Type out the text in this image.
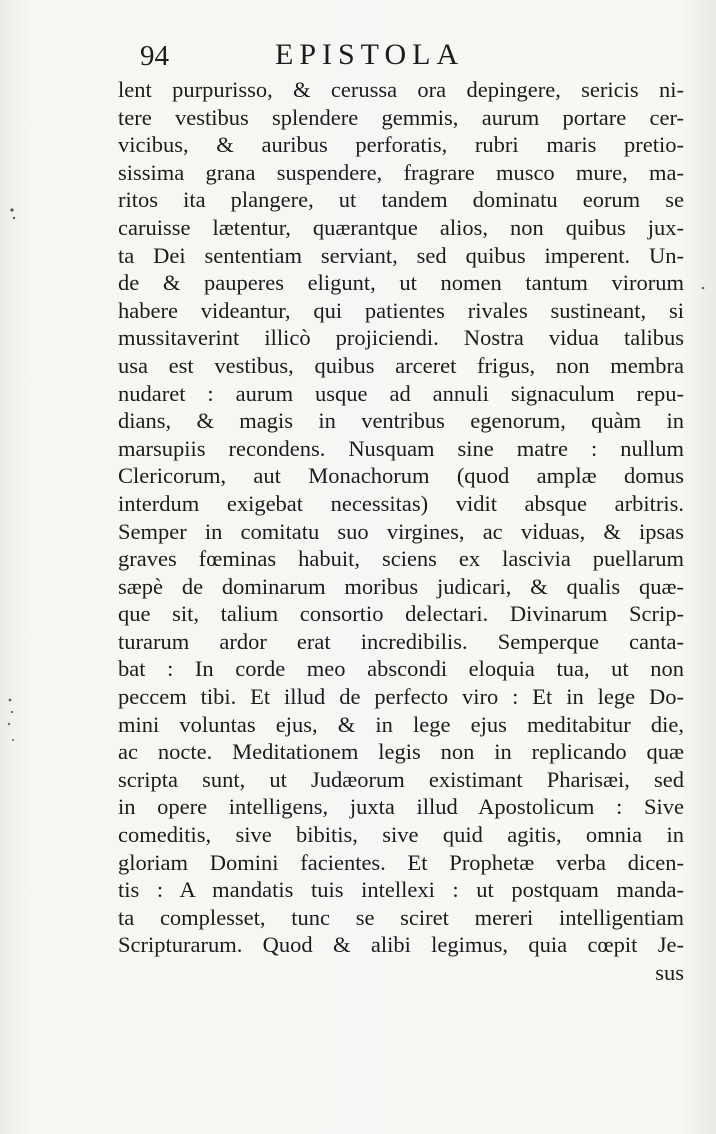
94	EPISTOLA
lent purpurisso, & cerussa ora depingere, sericis ni-
tere vestibus splendere gemmis, aurum portare cer-
vicibus, & auribus perforatis, rubri maris pretio-
sissima grana suspendere, fragrare musco mure, ma-
ritos ita plangere, ut tandem dominatu eorum se
caruisse lætentur, quærantque alios, non quibus jux-
ta Dei sententiam serviant, sed quibus imperent. Un-
de & pauperes eligunt, ut nomen tantum virorum
habere videantur, qui patientes rivales sustineant, si
mussitaverint illicò projiciendi. Nostra vidua talibus
usa est vestibus, quibus arceret frigus, non membra
nudaret : aurum usque ad annuli signaculum repu-
dians, & magis in ventribus egenorum, quàm in
marsupiis recondens. Nusquam sine matre : nullum
Clericorum, aut Monachorum (quod amplæ domus
interdum exigebat necessitas) vidit absque arbitris.
Semper in comitatu suo virgines, ac viduas, & ipsas
graves fœminas habuit, sciens ex lascivia puellarum
sæpè de dominarum moribus judicari, & qualis quæ-
que sit, talium consortio delectari. Divinarum Scrip-
turarum ardor erat incredibilis. Semperque canta-
bat : In corde meo abscondi eloquia tua, ut non
peccem tibi. Et illud de perfecto viro : Et in lege Do-
mini voluntas ejus, & in lege ejus meditabitur die,
ac nocte. Meditationem legis non in replicando quæ
scripta sunt, ut Judæorum existimant Pharisæi, sed
in opere intelligens, juxta illud Apostolicum : Sive
comeditis, sive bibitis, sive quid agitis, omnia in
gloriam Domini facientes. Et Prophetæ verba dicen-
tis : A mandatis tuis intellexi : ut postquam manda-
ta complesset, tunc se sciret mereri intelligentiam
Scripturarum. Quod & alibi legimus, quia cœpit Je-
sus
